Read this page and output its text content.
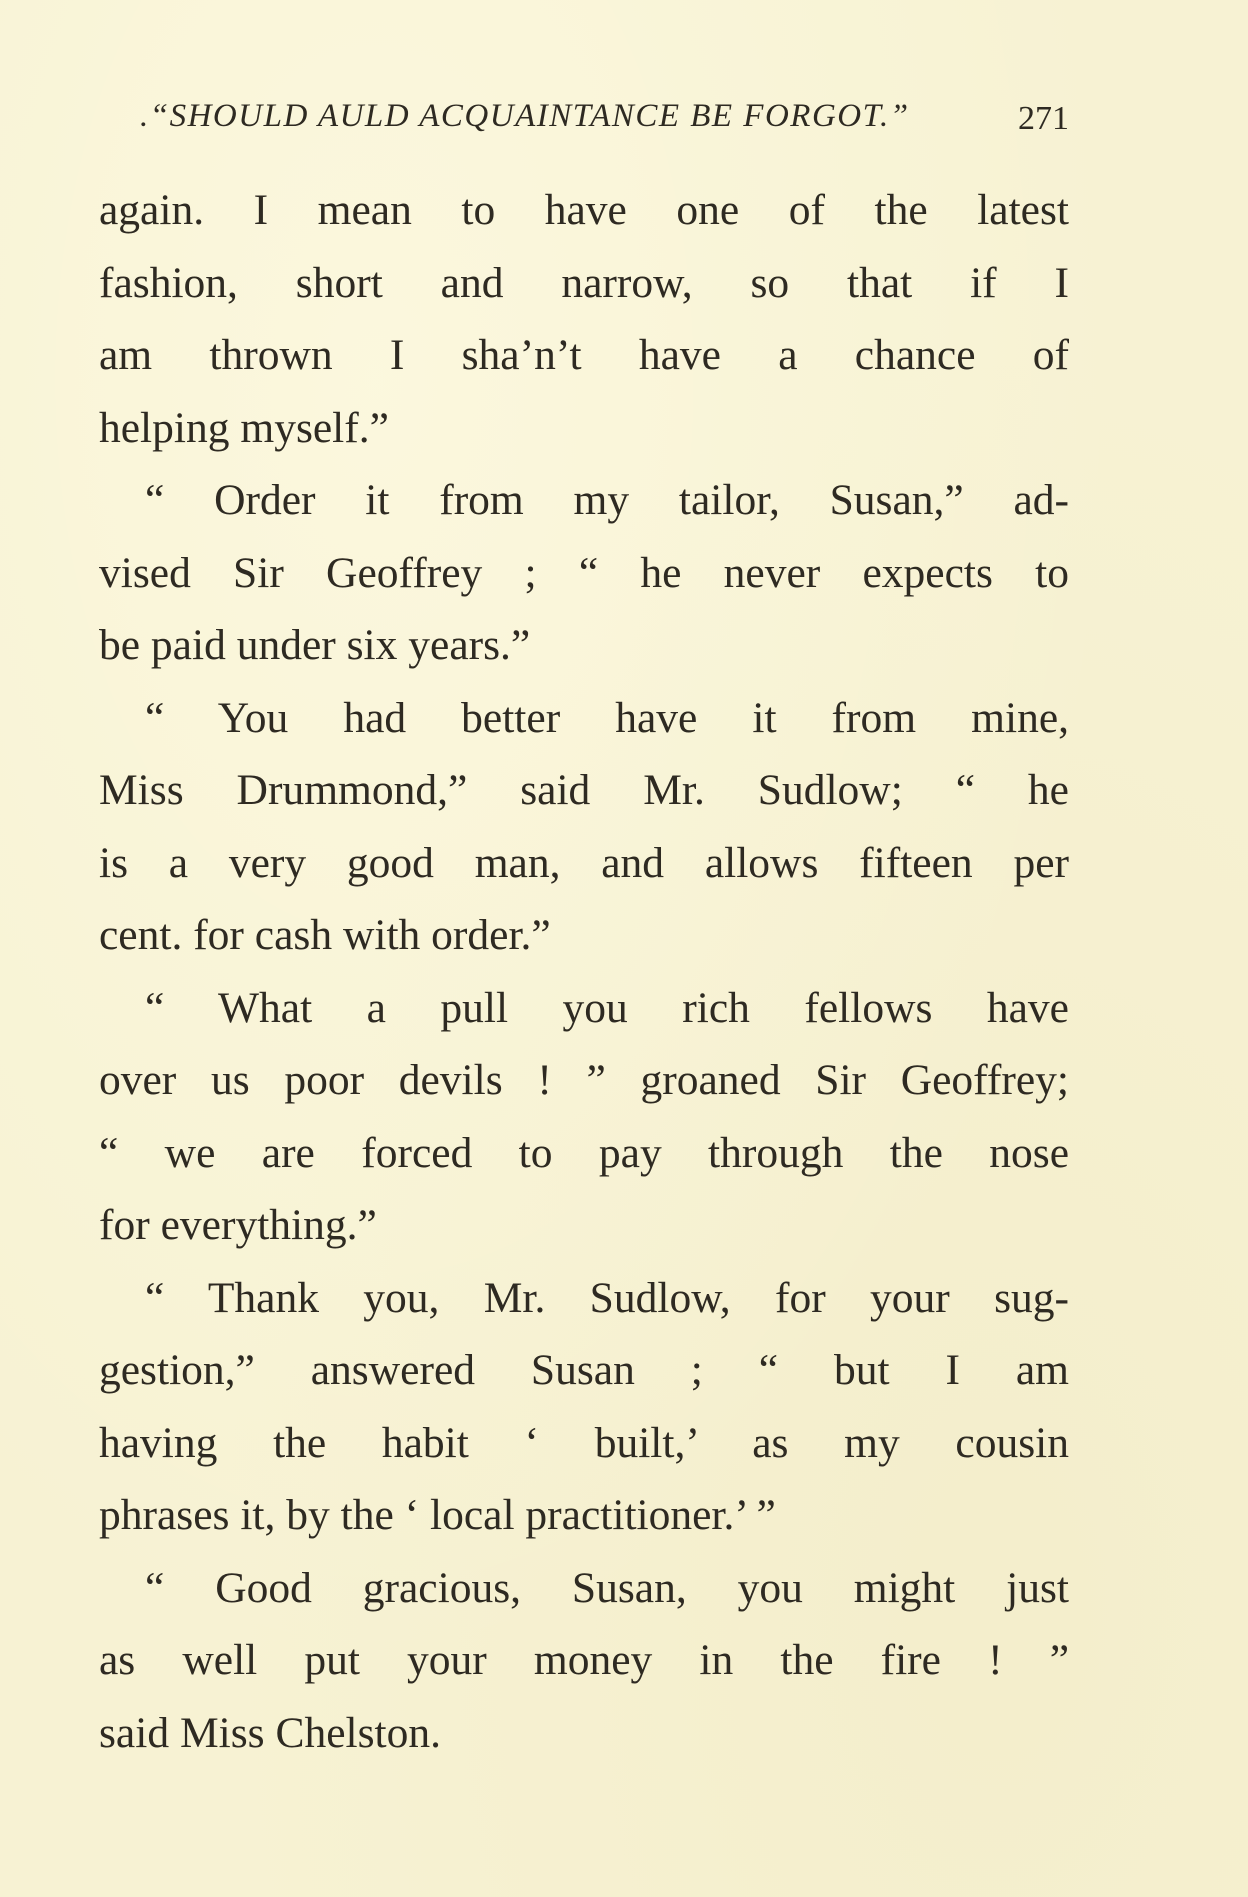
.“SHOULD AULD ACQUAINTANCE BE FORGOT.”	271
again. I mean to have one of the latest
fashion, short and narrow, so that if I
am thrown I sha’n’t have a chance of
helping myself.”
“ Order it from my tailor, Susan,” ad-
vised Sir Geoffrey ; “ he never expects to
be paid under six years.”
“ You had better have it from mine,
Miss Drummond,” said Mr. Sudlow; “ he
is a very good man, and allows fifteen per
cent. for cash with order.”
“ What a pull you rich fellows have
over us poor devils ! ” groaned Sir Geoffrey;
“ we are forced to pay through the nose
for everything.”
“ Thank you, Mr. Sudlow, for your sug-
gestion,” answered Susan ; “ but I am
having the habit ‘ built,’ as my cousin
phrases it, by the ‘ local practitioner.’ ”
“ Good gracious, Susan, you might just
as well put your money in the fire ! ”
said Miss Chelston.
